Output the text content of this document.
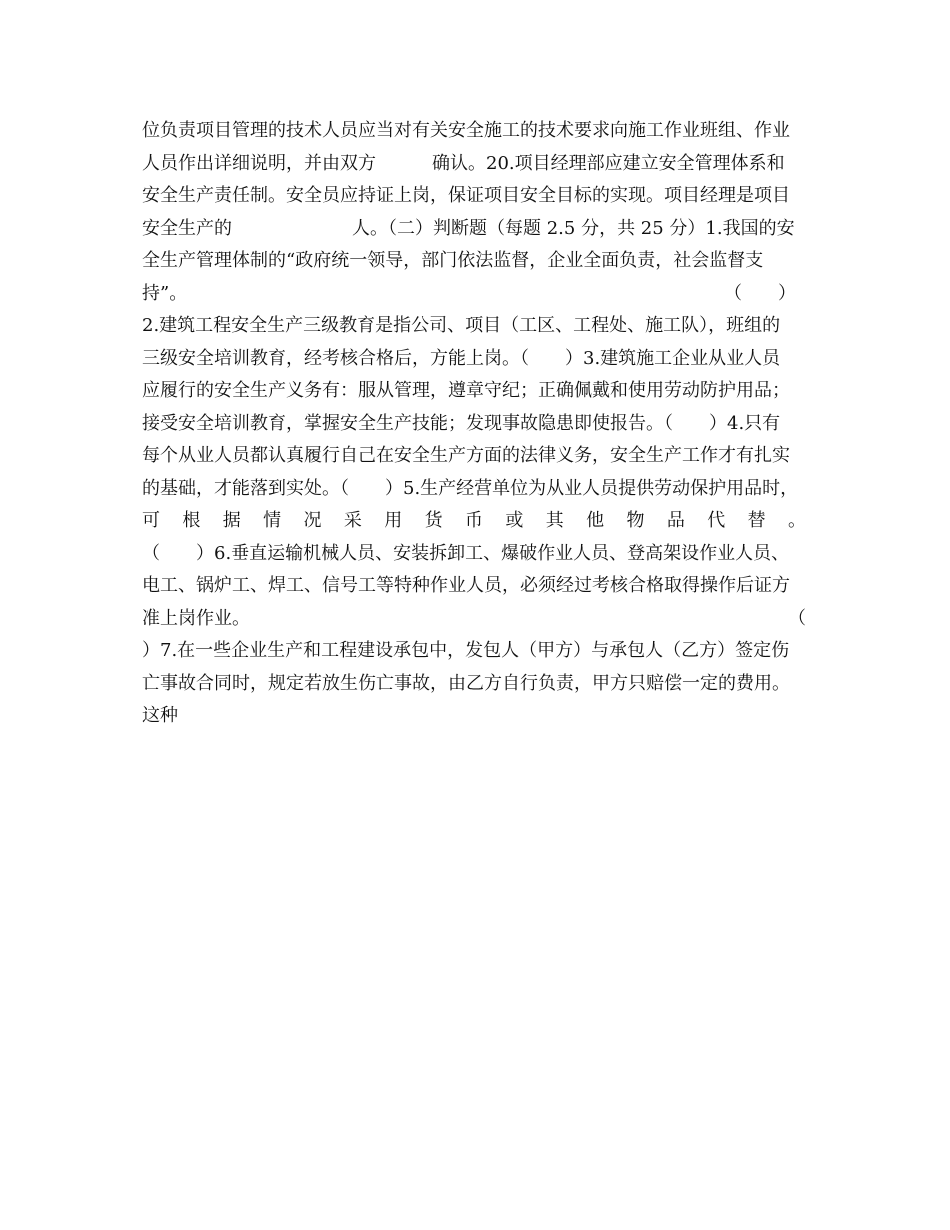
位负责项目管理的技术人员应当对有关安全施工的技术要求向施工作业班组、作业
人员作出详细说明，并由双方	确认。20.项目经理部应建立安全管理体系和
安全生产责任制。安全员应持证上岗，保证项目安全目标的实现。项目经理是项目
安全生产的	人。（二）判断题（每题 2.5 分，共 25 分）1.我国的安
全生产管理体制的“政府统一领导，部门依法监督，企业全面负责，社会监督支
持”。	（　　）
2.建筑工程安全生产三级教育是指公司、项目（工区、工程处、施工队），班组的
三级安全培训教育，经考核合格后，方能上岗。（　　）3.建筑施工企业从业人员
应履行的安全生产义务有：服从管理，遵章守纪；正确佩戴和使用劳动防护用品；
接受安全培训教育，掌握安全生产技能；发现事故隐患即使报告。（　　）4.只有
每个从业人员都认真履行自己在安全生产方面的法律义务，安全生产工作才有扎实
的基础，才能落到实处。（　　）5.生产经营单位为从业人员提供劳动保护用品时，
可 根 据 情 况 采 用 货 币 或 其 他 物 品 代 替 。
（　　）6.垂直运输机械人员、安装拆卸工、爆破作业人员、登高架设作业人员、
电工、锅炉工、焊工、信号工等特种作业人员，必须经过考核合格取得操作后证方
准上岗作业。	（
）7.在一些企业生产和工程建设承包中，发包人（甲方）与承包人（乙方）签定伤
亡事故合同时，规定若放生伤亡事故，由乙方自行负责，甲方只赔偿一定的费用。
这种
